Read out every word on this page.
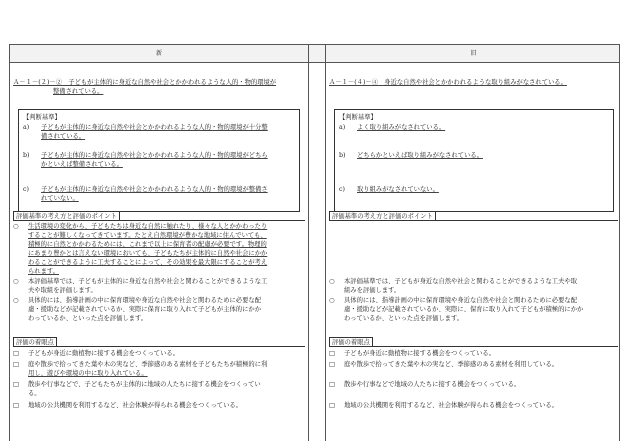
新	旧
Ａ－１－(２)－②　子どもが主体的に身近な自然や社会とかかわれるような人的・物的環境が
整備されている。
【判断基準】
a) 子どもが主体的に身近な自然や社会とかかわれるような人的・物的環境が十分整
備されている。
b) 子どもが主体的に身近な自然や社会とかかわれるような人的・物的環境がどちら
かといえば整備されている。
c) 子どもが主体的に身近な自然や社会とかかわれるような人的・物的環境が整備さ
れていない。
評価基準の考え方と評価のポイント
○ 生活環境の変化から、子どもたちは身近な自然に触れたり、様々な人とかかわったり
することが難しくなってきています。たとえ自然環境が豊かな地域に住んでいても、
積極的に自然とかかわるためには、これまで以上に保育者の配慮が必要です。物理的
にあまり豊かとは言えない環境においても、子どもたちが主体的に自然や社会にかか
わることができるように工夫することによって、その効果を最大限にすることが考え
られます。
○ 本評価基準では、子どもが主体的に身近な自然や社会と関わることができるような工
夫や取組を評価します。
○ 具体的には、指導計画の中に保育環境や身近な自然や社会と関わるために必要な配
慮・援助などが記載されているか、実際に保育に取り入れて子どもが主体的にかか
わっているか、といった点を評価します。
評価の着眼点
□ 子どもが身近に動植物に接する機会をつくっている。
□ 庭や散歩で拾ってきた葉や木の実など、季節感のある素材を子どもたちが積極的に利
用し、遊びや環境の中に取り入れている。
□ 散歩や行事などで、子どもたちが主体的に地域の人たちに接する機会をつくってい
る。
□ 地域の公共機関を利用するなど、社会体験が得られる機会をつくっている。
Ａ－１－(４)－④　身近な自然や社会とかかわれるような取り組みがなされている。
【判断基準】
a) よく取り組みがなされている。
b) どちらかといえば取り組みがなされている。
c) 取り組みがなされていない。
評価基準の考え方と評価のポイント
○ 本評価基準では、子どもが身近な自然や社会と関わることができるような工夫や取
組みを評価します。
○ 具体的には、指導計画の中に保育環境や身近な自然や社会と関わるために必要な配
慮・援助などが記載されているか、実際に、保育に取り入れて子どもが積極的にかか
わっているか、といった点を評価します。
評価の着眼点
□ 子どもが身近に動植物に接する機会をつくっている。
□ 庭や散歩で拾ってきた葉や木の実など、季節感のある素材を利用している。
□ 散歩や行事などで地域の人たちに接する機会をつくっている。
□ 地域の公共機関を利用するなど、社会体験が得られる機会をつくっている。
